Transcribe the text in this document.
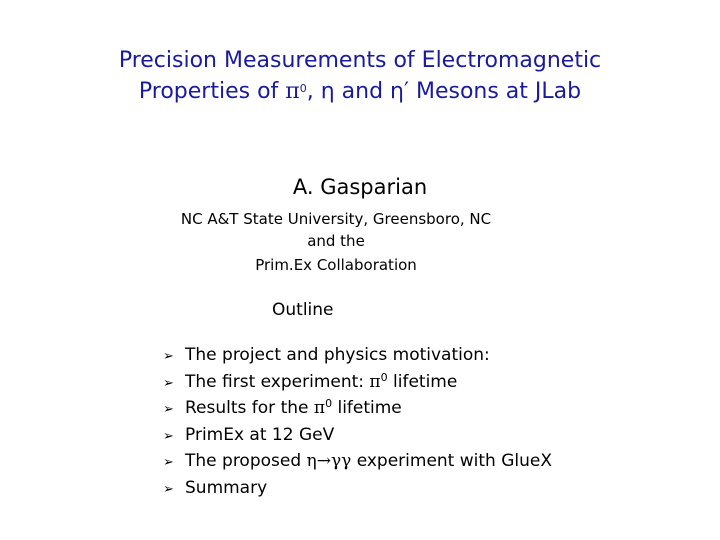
Precision Measurements of Electromagnetic
Properties of $\pi^0$, η and η′ Mesons at JLab
A. Gasparian
NC A&T State University, Greensboro, NC
and the
Prim.Ex Collaboration
Outline
➢ The project and physics motivation:
➢ The first experiment: $\pi^0$ lifetime
➢ Results for the $\pi^0$ lifetime
➢ PrimEx at 12 GeV
➢ The proposed η→γγ experiment with GlueX
➢ Summary
